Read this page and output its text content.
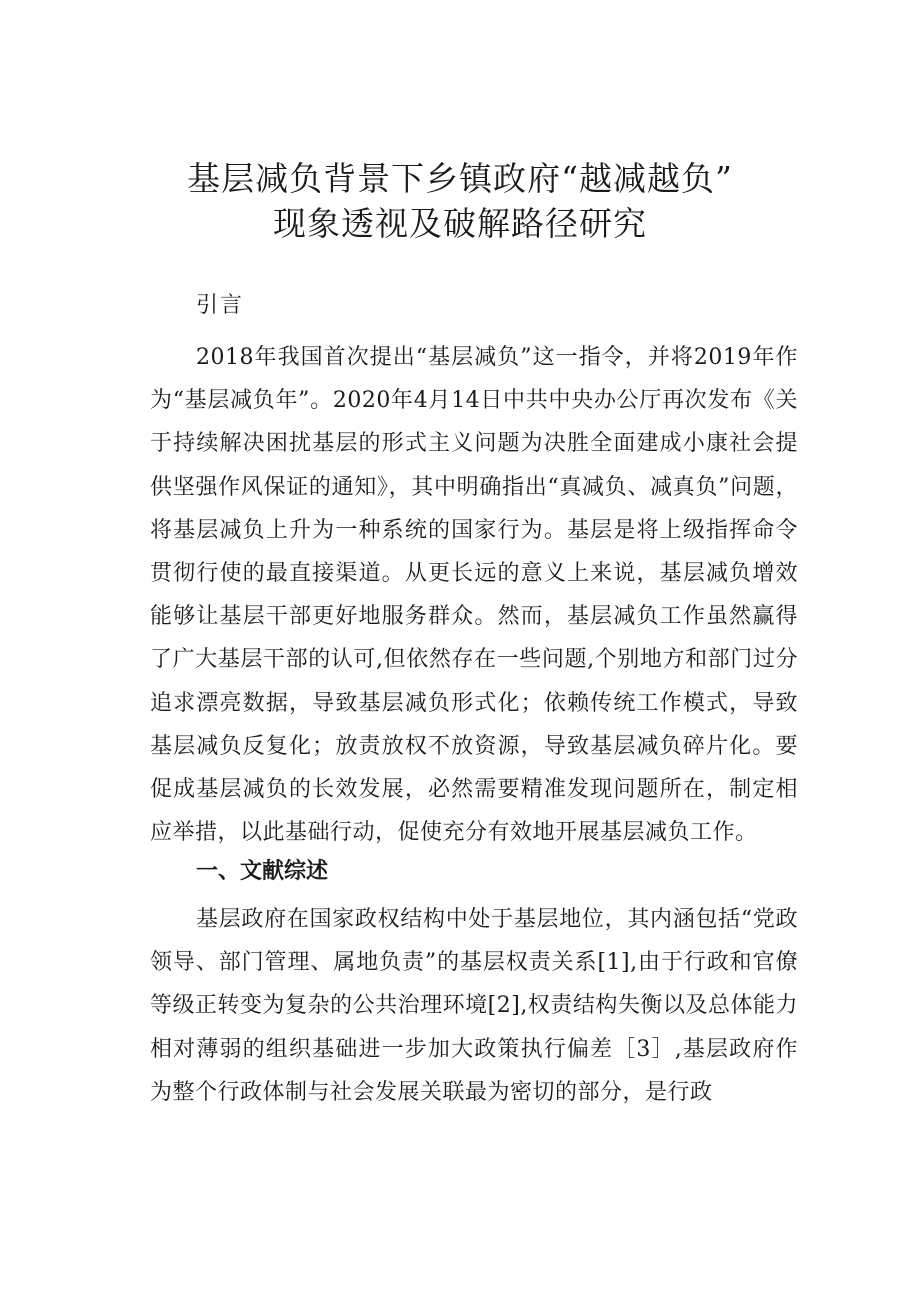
基层减负背景下乡镇政府“越减越负”
现象透视及破解路径研究

引言

2018年我国首次提出“基层减负”这一指令，并将2019年作为“基层减负年”。2020年4月14日中共中央办公厅再次发布《关于持续解决困扰基层的形式主义问题为决胜全面建成小康社会提供坚强作风保证的通知》，其中明确指出“真减负、减真负”问题，将基层减负上升为一种系统的国家行为。基层是将上级指挥命令贯彻行使的最直接渠道。从更长远的意义上来说，基层减负增效能够让基层干部更好地服务群众。然而，基层减负工作虽然赢得了广大基层干部的认可,但依然存在一些问题,个别地方和部门过分追求漂亮数据，导致基层减负形式化；依赖传统工作模式，导致基层减负反复化；放责放权不放资源，导致基层减负碎片化。要促成基层减负的长效发展，必然需要精准发现问题所在，制定相应举措，以此基础行动，促使充分有效地开展基层减负工作。

一、文献综述

基层政府在国家政权结构中处于基层地位，其内涵包括“党政领导、部门管理、属地负责”的基层权责关系[1],由于行政和官僚等级正转变为复杂的公共治理环境[2],权责结构失衡以及总体能力相对薄弱的组织基础进一步加大政策执行偏差［3］,基层政府作为整个行政体制与社会发展关联最为密切的部分，是行政
